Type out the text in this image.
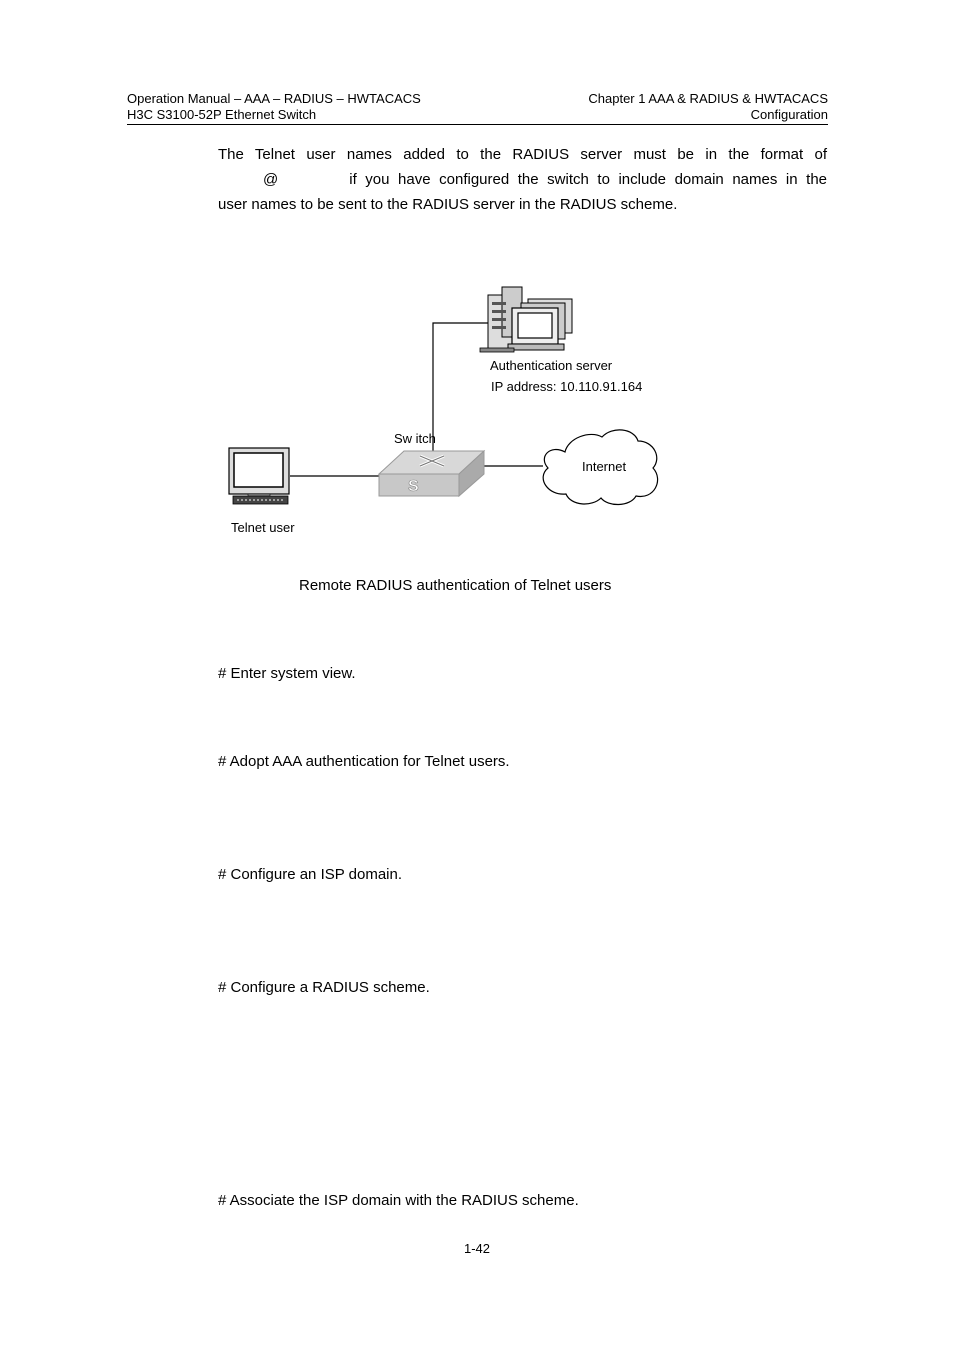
Operation Manual – AAA – RADIUS – HWTACACS
H3C S3100-52P Ethernet Switch
Chapter 1 AAA & RADIUS & HWTACACS
Configuration
The Telnet user names added to the RADIUS server must be in the format of
@	if you have configured the switch to include domain names in the
user names to be sent to the RADIUS server in the RADIUS scheme.
S
Authentication server
IP address: 10.110.91.164
Sw itch
Internet
Telnet user
Remote RADIUS authentication of Telnet users
# Enter system view.
# Adopt AAA authentication for Telnet users.
# Configure an ISP domain.
# Configure a RADIUS scheme.
# Associate the ISP domain with the RADIUS scheme.
1-42
